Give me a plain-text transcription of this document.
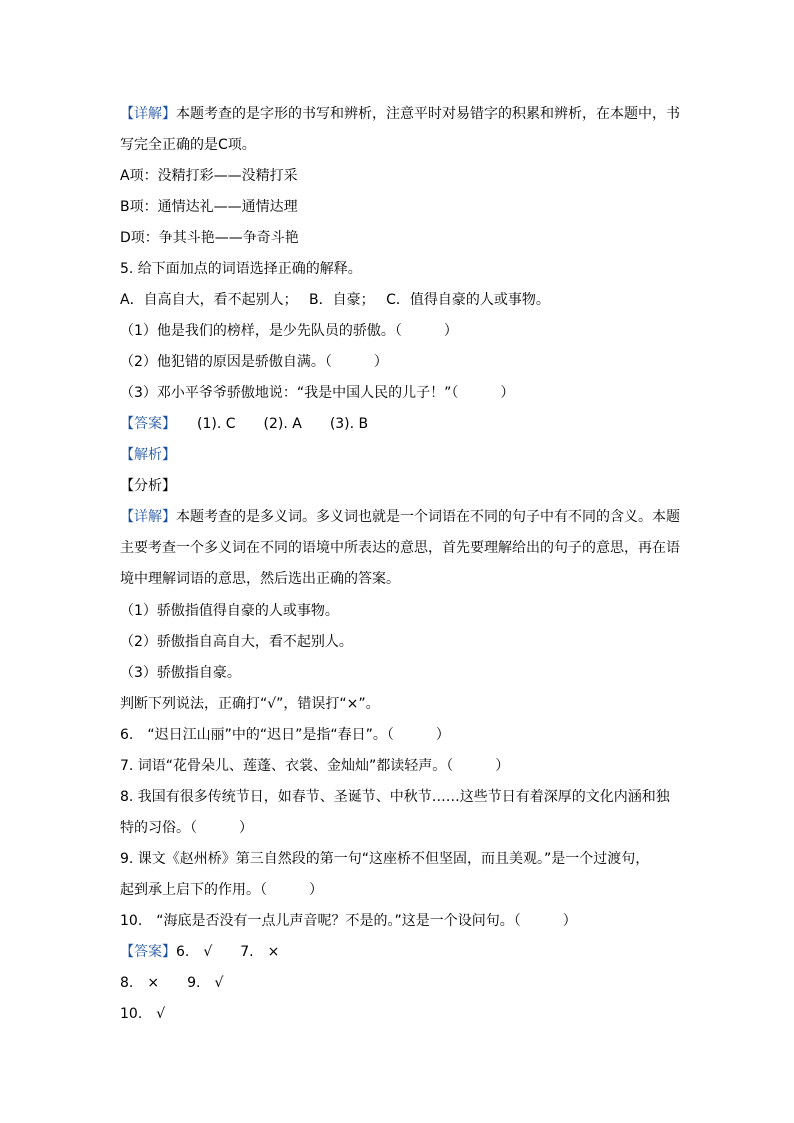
【详解】本题考查的是字形的书写和辨析，注意平时对易错字的积累和辨析，在本题中，书
写完全正确的是C项。
A项：没精打彩——没精打采
B项：通情达礼——通情达理
D项：争其斗艳——争奇斗艳
5. 给下面加点的词语选择正确的解释。
A．自高自大，看不起别人；　 B．自豪；　 C．值得自豪的人或事物。
（1）他是我们的榜样，是少先队员的骄傲。（　　　）
（2）他犯错的原因是骄傲自满。（　　　）
（3）邓小平爷爷骄傲地说：“我是中国人民的儿子！”（　　　）
【答案】　　(1). C　　(2). A　　(3). B
【解析】
【分析】
【详解】本题考查的是多义词。多义词也就是一个词语在不同的句子中有不同的含义。本题
主要考查一个多义词在不同的语境中所表达的意思，首先要理解给出的句子的意思，再在语
境中理解词语的意思，然后选出正确的答案。
（1）骄傲指值得自豪的人或事物。
（2）骄傲指自高自大，看不起别人。
（3）骄傲指自豪。
判断下列说法，正确打“√”，错误打“×”。
6.　“迟日江山丽”中的“迟日”是指“春日”。（　　　）
7. 词语“花骨朵儿、莲蓬、衣裳、金灿灿”都读轻声。（　　　）
8. 我国有很多传统节日，如春节、圣诞节、中秋节……这些节日有着深厚的文化内涵和独
特的习俗。（　　　）
9. 课文《赵州桥》第三自然段的第一句“这座桥不但坚固，而且美观。”是一个过渡句，
起到承上启下的作用。（　　　）
10.　“海底是否没有一点儿声音呢？不是的。”这是一个设问句。（　　　）
【答案】6.　√　　7.　×
8.　×　　9.　√
10.　√
